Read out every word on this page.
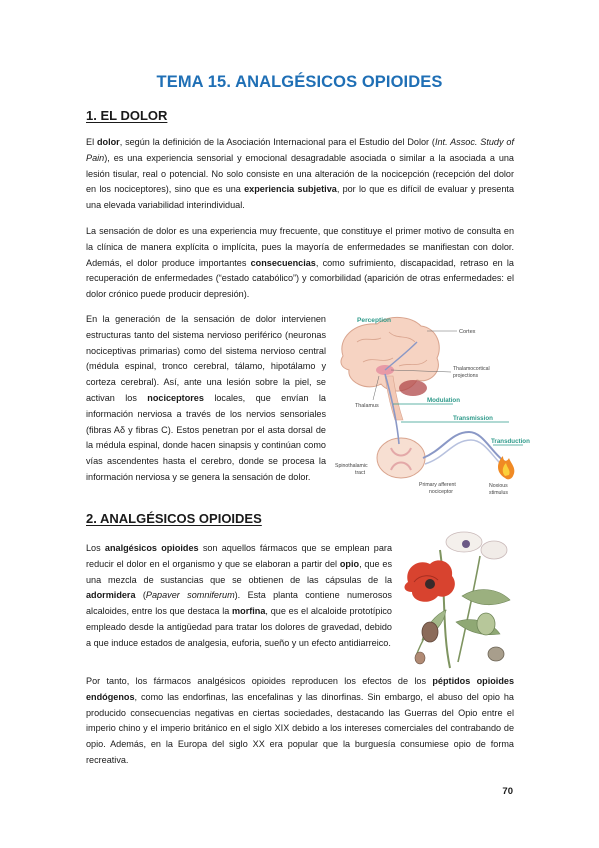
TEMA 15. ANALGÉSICOS OPIOIDES
1. EL DOLOR

El dolor, según la definición de la Asociación Internacional para el Estudio del Dolor (Int. Assoc. Study of Pain), es una experiencia sensorial y emocional desagradable asociada o similar a la asociada a una lesión tisular, real o potencial. No solo consiste en una alteración de la nocicepción (recepción del dolor en los nociceptores), sino que es una experiencia subjetiva, por lo que es difícil de evaluar y presenta una elevada variabilidad interindividual.

La sensación de dolor es una experiencia muy frecuente, que constituye el primer motivo de consulta en la clínica de manera explícita o implícita, pues la mayoría de enfermedades se manifiestan con dolor. Además, el dolor produce importantes consecuencias, como sufrimiento, discapacidad, retraso en la recuperación de enfermedades (“estado catabólico”) y comorbilidad (aparición de otras enfermedades: el dolor crónico puede producir depresión).

En la generación de la sensación de dolor intervienen estructuras tanto del sistema nervioso periférico (neuronas nociceptivas primarias) como del sistema nervioso central (médula espinal, tronco cerebral, tálamo, hipotálamo y corteza cerebral). Así, ante una lesión sobre la piel, se activan los nociceptores locales, que envían la información nerviosa a través de los nervios sensoriales (fibras Aδ y fibras C). Estos penetran por el asta dorsal de la médula espinal, donde hacen sinapsis y continúan como vías ascendentes hasta el cerebro, donde se procesa la información nerviosa y se genera la sensación de dolor.

Perception
Cortex
Thalamocortical
projections
Modulation
Thalamus
Transmission
Transduction
Spinothalamic
tract
Primary afferent
nociceptor
Noxious
stimulus
2. ANALGÉSICOS OPIOIDES

Los analgésicos opioides son aquellos fármacos que se emplean para reducir el dolor en el organismo y que se elaboran a partir del opio, que es una mezcla de sustancias que se obtienen de las cápsulas de la adormidera (Papaver somniferum). Esta planta contiene numerosos alcaloides, entre los que destaca la morfina, que es el alcaloide prototípico empleado desde la antigüedad para tratar los dolores de gravedad, debido a que induce estados de analgesia, euforia, sueño y un efecto antidiarreico.

Por tanto, los fármacos analgésicos opioides reproducen los efectos de los péptidos opioides endógenos, como las endorfinas, las encefalinas y las dinorfinas. Sin embargo, el abuso del opio ha producido consecuencias negativas en ciertas sociedades, destacando las Guerras del Opio entre el imperio chino y el imperio británico en el siglo XIX debido a los intereses comerciales del contrabando de opio. Además, en la Europa del siglo XX era popular que la burguesía consumiese opio de forma recreativa.

70
